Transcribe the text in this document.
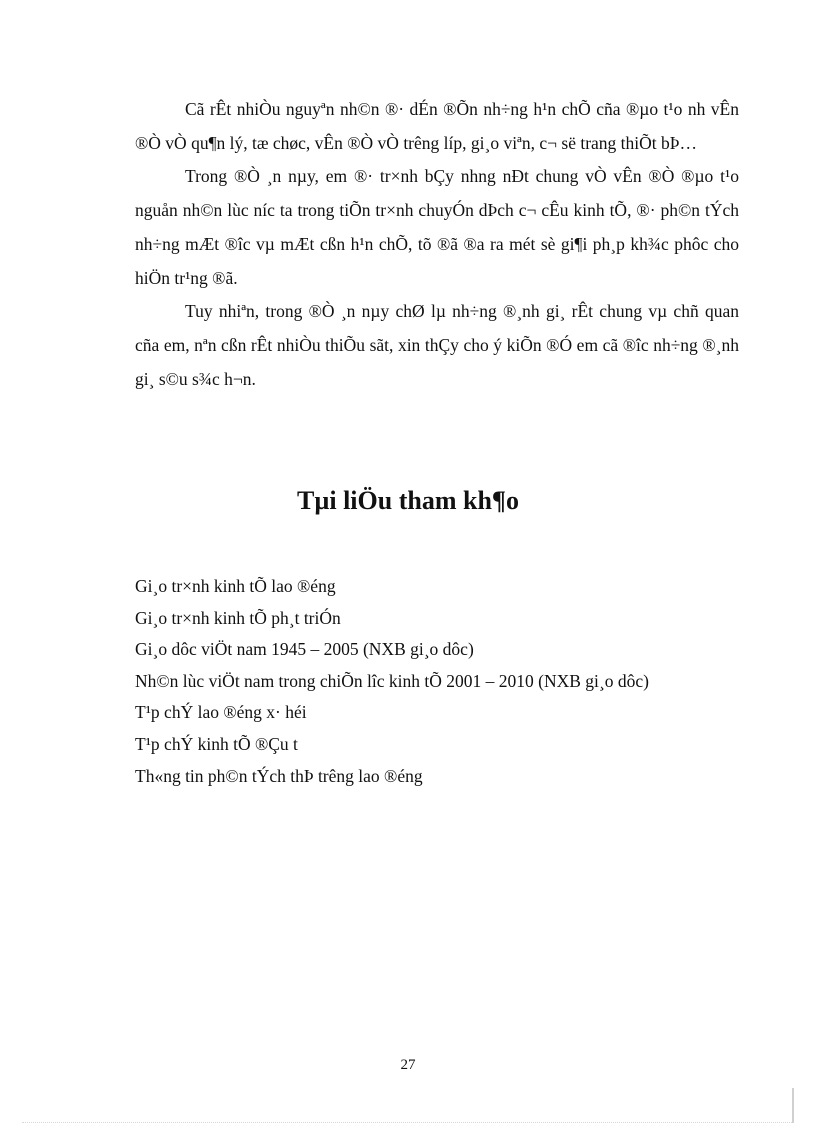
Cã rÊt nhiÒu nguyªn nh©n ®· dÉn ®Õn nh÷ng h¹n chÕ cña ®µo t¹o nh vÊn ®Ò vÒ qu¶n lý, tæ chøc, vÊn ®Ò vÒ trêng líp, gi¸o viªn, c¬ së trang thiÕt bÞ…

Trong ®Ò ¸n nµy, em ®· tr×nh bÇy nhng nÐt chung vÒ vÊn ®Ò ®µo t¹o nguån nh©n lùc níc ta trong tiÕn tr×nh chuyÓn dÞch c¬ cÊu kinh tÕ, ®· ph©n tÝch nh÷ng mÆt ®îc vµ mÆt cßn h¹n chÕ, tõ ®ã ®a ra mét sè gi¶i ph¸p kh¾c phôc cho hiÖn tr¹ng ®ã.

Tuy nhiªn, trong ®Ò ¸n nµy chØ lµ nh÷ng ®¸nh gi¸ rÊt chung vµ chñ quan cña em, nªn cßn rÊt nhiÒu thiÕu sãt, xin thÇy cho ý kiÕn ®Ó em cã ®îc nh÷ng ®¸nh gi¸ s©u s¾c h¬n.

Tµi liÖu tham kh¶o
Gi¸o tr×nh kinh tÕ lao ®éng
Gi¸o tr×nh kinh tÕ ph¸t triÓn
Gi¸o dôc viÖt nam 1945 – 2005 (NXB gi¸o dôc)
Nh©n lùc viÖt nam trong chiÕn lîc kinh tÕ 2001 – 2010 (NXB gi¸o dôc)
T¹p chÝ lao ®éng x· héi
T¹p chÝ kinh tÕ ®Çu t
Th«ng tin ph©n tÝch thÞ trêng lao ®éng
27
